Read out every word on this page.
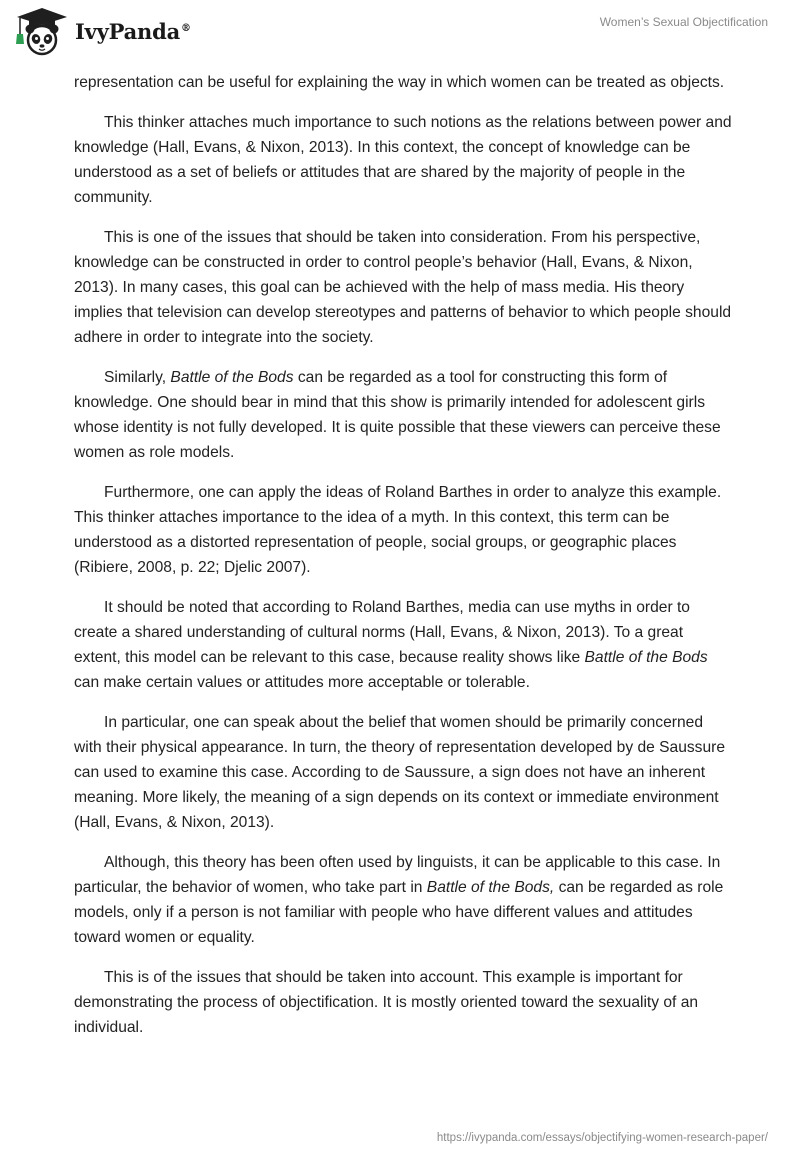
IvyPanda®	Women’s Sexual Objectification

representation can be useful for explaining the way in which women can be treated as objects.

This thinker attaches much importance to such notions as the relations between power and knowledge (Hall, Evans, & Nixon, 2013). In this context, the concept of knowledge can be understood as a set of beliefs or attitudes that are shared by the majority of people in the community.

This is one of the issues that should be taken into consideration. From his perspective, knowledge can be constructed in order to control people’s behavior (Hall, Evans, & Nixon, 2013). In many cases, this goal can be achieved with the help of mass media. His theory implies that television can develop stereotypes and patterns of behavior to which people should adhere in order to integrate into the society.

Similarly, Battle of the Bods can be regarded as a tool for constructing this form of knowledge. One should bear in mind that this show is primarily intended for adolescent girls whose identity is not fully developed. It is quite possible that these viewers can perceive these women as role models.

Furthermore, one can apply the ideas of Roland Barthes in order to analyze this example. This thinker attaches importance to the idea of a myth. In this context, this term can be understood as a distorted representation of people, social groups, or geographic places (Ribiere, 2008, p. 22; Djelic 2007).

It should be noted that according to Roland Barthes, media can use myths in order to create a shared understanding of cultural norms (Hall, Evans, & Nixon, 2013). To a great extent, this model can be relevant to this case, because reality shows like Battle of the Bods can make certain values or attitudes more acceptable or tolerable.

In particular, one can speak about the belief that women should be primarily concerned with their physical appearance. In turn, the theory of representation developed by de Saussure can used to examine this case. According to de Saussure, a sign does not have an inherent meaning. More likely, the meaning of a sign depends on its context or immediate environment (Hall, Evans, & Nixon, 2013).

Although, this theory has been often used by linguists, it can be applicable to this case. In particular, the behavior of women, who take part in Battle of the Bods, can be regarded as role models, only if a person is not familiar with people who have different values and attitudes toward women or equality.

This is of the issues that should be taken into account. This example is important for demonstrating the process of objectification. It is mostly oriented toward the sexuality of an individual.

https://ivypanda.com/essays/objectifying-women-research-paper/
